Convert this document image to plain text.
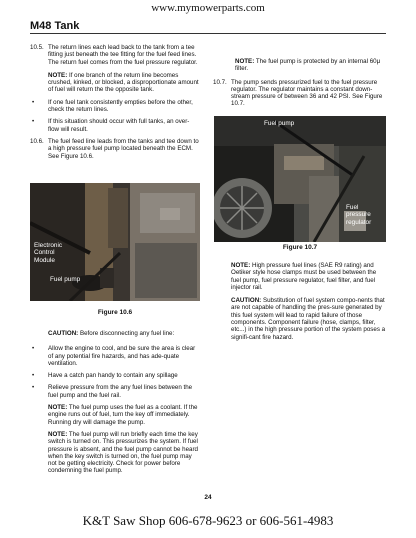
www.mymowerparts.com
M48 Tank
10.5. The return lines each lead back to the tank from a tee fitting just beneath the tee fitting for the fuel feed lines. The return fuel comes from the fuel pressure regulator.

NOTE: If one branch of the return line becomes crushed, kinked, or blocked, a disproportionate amount of fuel will return the the opposite tank.

•	If one fuel tank consistently empties before the other, check the return lines.
•	If this situation should occur with full tanks, an over-flow will result.
10.6. The fuel feed line leads from the tanks and tee down to a high pressure fuel pump located beneath the ECM. See Figure 10.6.
Electronic Control Module
Fuel pump
Figure 10.6

CAUTION: Before disconnecting any fuel line:

•	Allow the engine to cool, and be sure the area is clear of any potential fire hazards, and has ade-quate ventilation.
•	Have a catch pan handy to contain any spillage
•	Relieve pressure from the any fuel lines between the fuel pump and the fuel rail.

NOTE: The fuel pump uses the fuel as a coolant. If the engine runs out of fuel, turn the key off immediately. Running dry will damage the pump.

NOTE: The fuel pump will run briefly each time the key switch is turned on. This pressurizes the system. If fuel pressure is absent, and the fuel pump cannot be heard when the key switch is turned on, the fuel pump may not be getting electricity. Check for power before condemning the fuel pump.

NOTE: The fuel pump is protected by an internal 60μ filter.

10.7. The pump sends pressurized fuel to the fuel pressure regulator. The regulator maintains a constant down-stream pressure of between 36 and 42 PSI. See Figure 10.7.
Fuel pump
Fuel pressure regulator
Figure 10.7

NOTE: High pressure fuel lines (SAE R9 rating) and Oetiker style hose clamps must be used between the fuel pump, fuel pressure regulator, fuel filter, and fuel injector rail.

CAUTION: Substitution of fuel system compo-nents that are not capable of handling the pres-sure generated by this fuel system will lead to rapid failure of those components. Component failure (hose, clamps, filter, etc...) in the high pressure portion of the system poses a signifi-cant fire hazard.

24
K&T Saw Shop 606-678-9623 or 606-561-4983
